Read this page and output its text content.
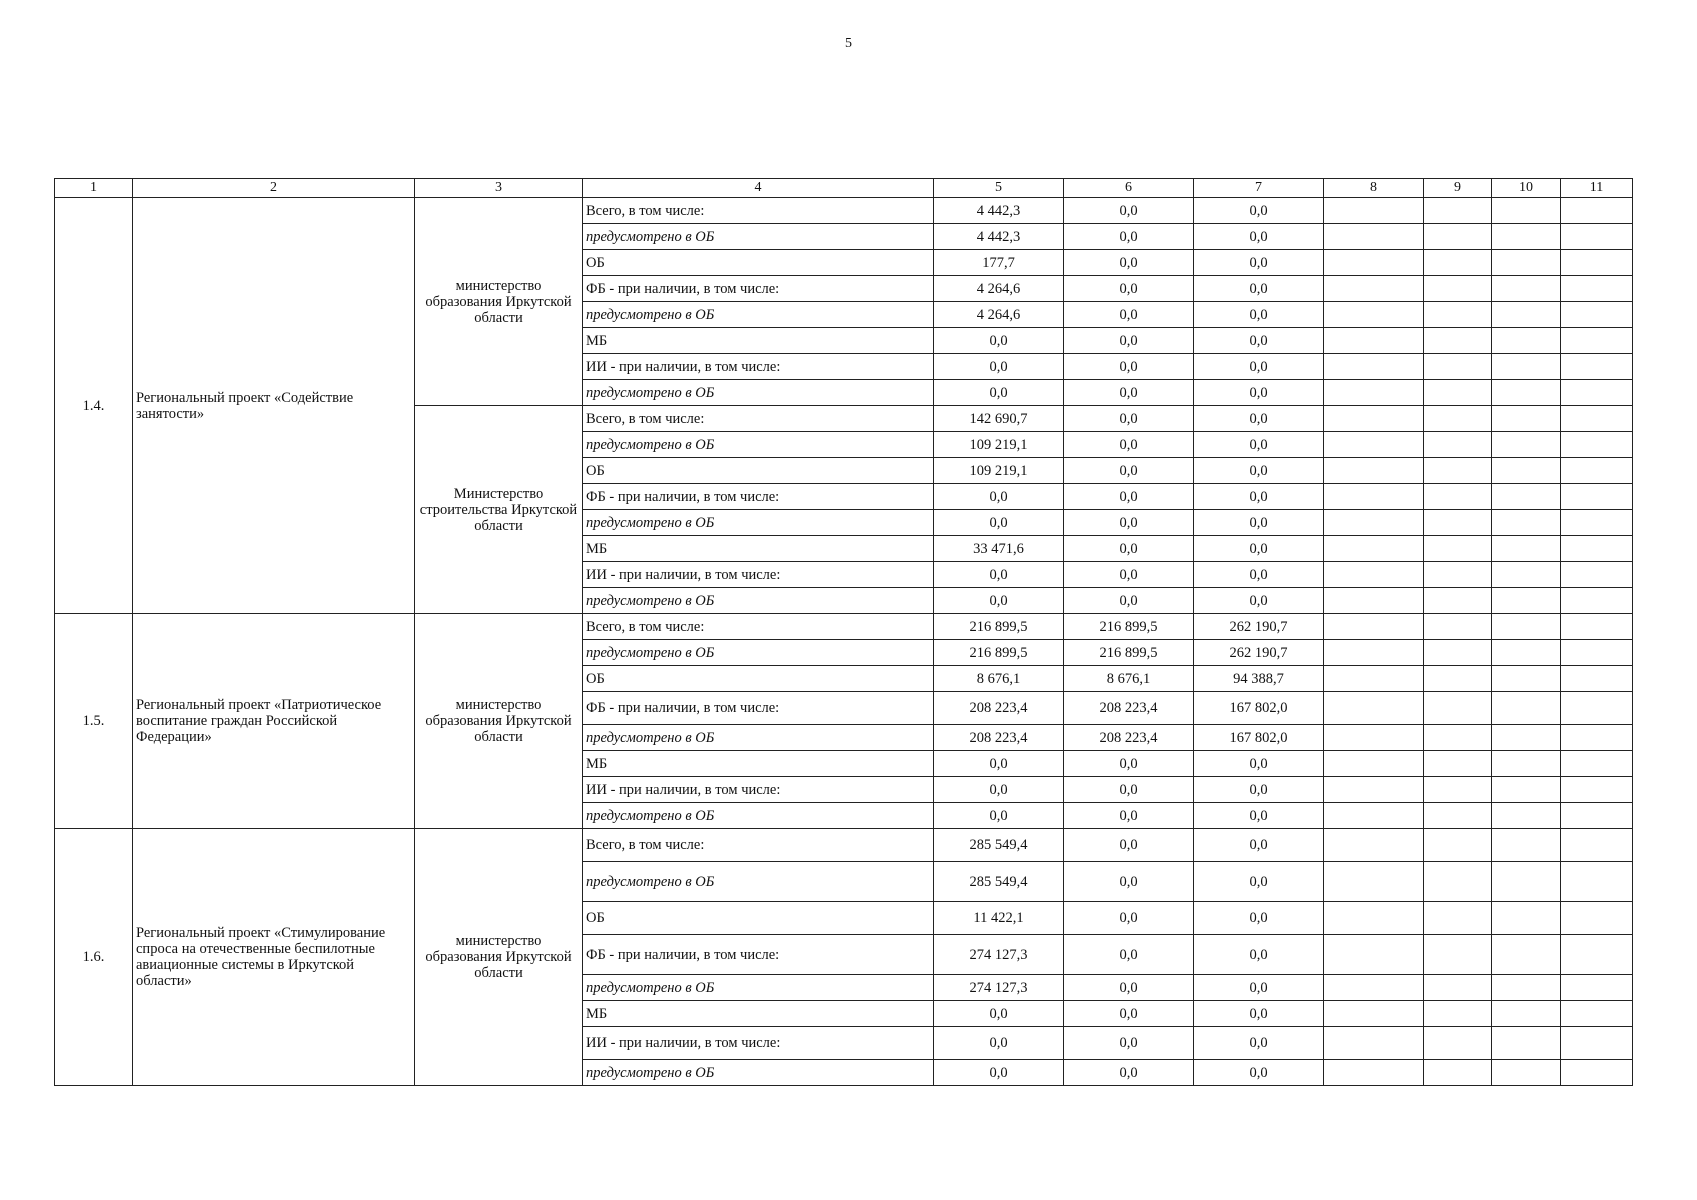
5
1	2	3	4	5	6	7	8	9	10	11
1.4.	Региональный проект «Содействие занятости»	министерство образования Иркутской области	Всего, в том числе:	4 442,3	0,0	0,0				
			предусмотрено в ОБ	4 442,3	0,0	0,0				
			ОБ	177,7	0,0	0,0				
			ФБ - при наличии, в том числе:	4 264,6	0,0	0,0				
			предусмотрено в ОБ	4 264,6	0,0	0,0				
			МБ	0,0	0,0	0,0				
			ИИ - при наличии, в том числе:	0,0	0,0	0,0				
			предусмотрено в ОБ	0,0	0,0	0,0				
		Министерство строительства Иркутской области	Всего, в том числе:	142 690,7	0,0	0,0				
			предусмотрено в ОБ	109 219,1	0,0	0,0				
			ОБ	109 219,1	0,0	0,0				
			ФБ - при наличии, в том числе:	0,0	0,0	0,0				
			предусмотрено в ОБ	0,0	0,0	0,0				
			МБ	33 471,6	0,0	0,0				
			ИИ - при наличии, в том числе:	0,0	0,0	0,0				
			предусмотрено в ОБ	0,0	0,0	0,0				
1.5.	Региональный проект «Патриотическое воспитание граждан Российской Федерации»	министерство образования Иркутской области	Всего, в том числе:	216 899,5	216 899,5	262 190,7				
			предусмотрено в ОБ	216 899,5	216 899,5	262 190,7				
			ОБ	8 676,1	8 676,1	94 388,7				
			ФБ - при наличии, в том числе:	208 223,4	208 223,4	167 802,0				
			предусмотрено в ОБ	208 223,4	208 223,4	167 802,0				
			МБ	0,0	0,0	0,0				
			ИИ - при наличии, в том числе:	0,0	0,0	0,0				
			предусмотрено в ОБ	0,0	0,0	0,0				
1.6.	Региональный проект «Стимулирование спроса на отечественные беспилотные авиационные системы в Иркутской области»	министерство образования Иркутской области	Всего, в том числе:	285 549,4	0,0	0,0				
			предусмотрено в ОБ	285 549,4	0,0	0,0				
			ОБ	11 422,1	0,0	0,0				
			ФБ - при наличии, в том числе:	274 127,3	0,0	0,0				
			предусмотрено в ОБ	274 127,3	0,0	0,0				
			МБ	0,0	0,0	0,0				
			ИИ - при наличии, в том числе:	0,0	0,0	0,0				
			предусмотрено в ОБ	0,0	0,0	0,0				
